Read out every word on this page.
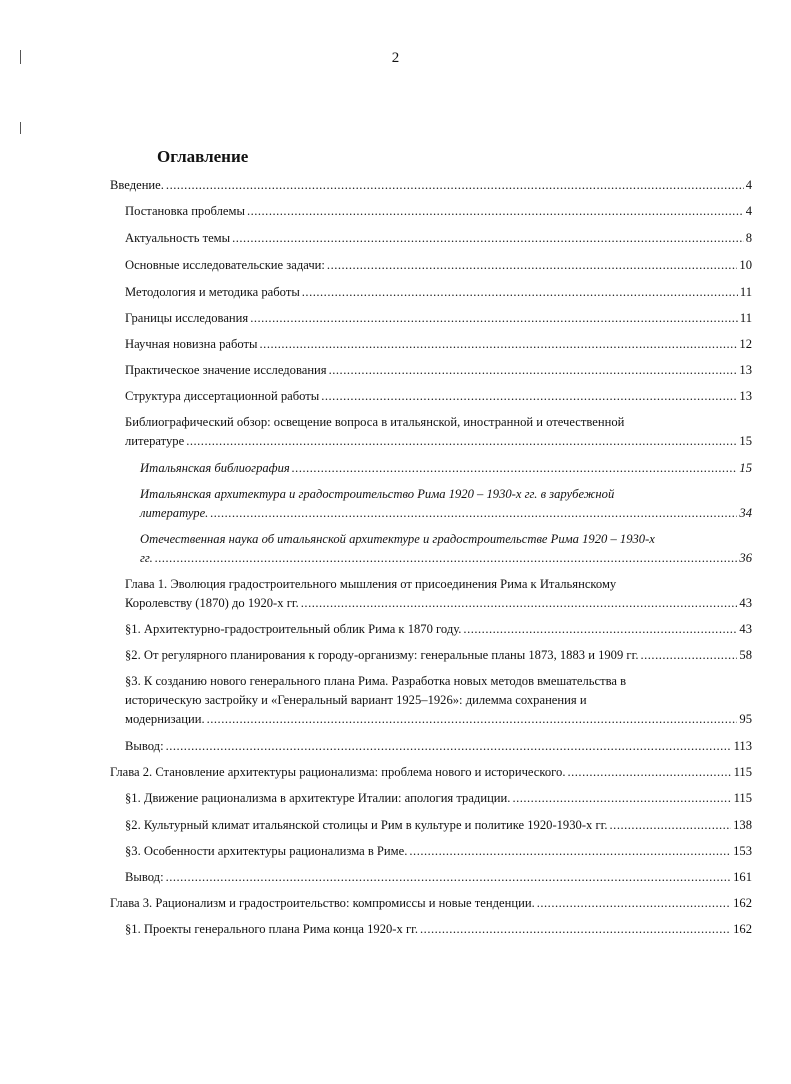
2
Оглавление
Введение. .....	4
Постановка проблемы .....	4
Актуальность темы .....	8
Основные исследовательские задачи: .....	10
Методология и методика работы .....	11
Границы исследования .....	11
Научная новизна работы .....	12
Практическое значение исследования .....	13
Структура диссертационной работы .....	13
Библиографический обзор: освещение вопроса в итальянской, иностранной и отечественной
литературе .....	15
Итальянская библиография .....	15
Итальянская архитектура и градостроительство Рима 1920 – 1930-х гг. в зарубежной
литературе. .....	34
Отечественная наука об итальянской архитектуре и градостроительстве Рима 1920 – 1930-х
гг. .....	36
Глава 1. Эволюция градостроительного мышления от присоединения Рима к Итальянскому
Королевству (1870) до 1920-х гг. .....	43
§1. Архитектурно-градостроительный облик Рима к 1870 году. .....	43
§2. От регулярного планирования к городу-организму: генеральные планы 1873, 1883 и 1909 гг. .....	58
§3. К созданию нового генерального плана Рима. Разработка новых методов вмешательства в
историческую застройку и «Генеральный вариант 1925–1926»: дилемма сохранения и
модернизации. .....	95
Вывод: .....	113
Глава 2. Становление архитектуры рационализма: проблема нового и исторического. .....	115
§1. Движение рационализма в архитектуре Италии: апология традиции. .....	115
§2. Культурный климат итальянской столицы и Рим в культуре и политике 1920-1930-х гг. .....	138
§3. Особенности архитектуры рационализма в Риме. .....	153
Вывод: .....	161
Глава 3. Рационализм и градостроительство: компромиссы и новые тенденции. .....	162
§1. Проекты генерального плана Рима конца 1920-х гг. .....	162
